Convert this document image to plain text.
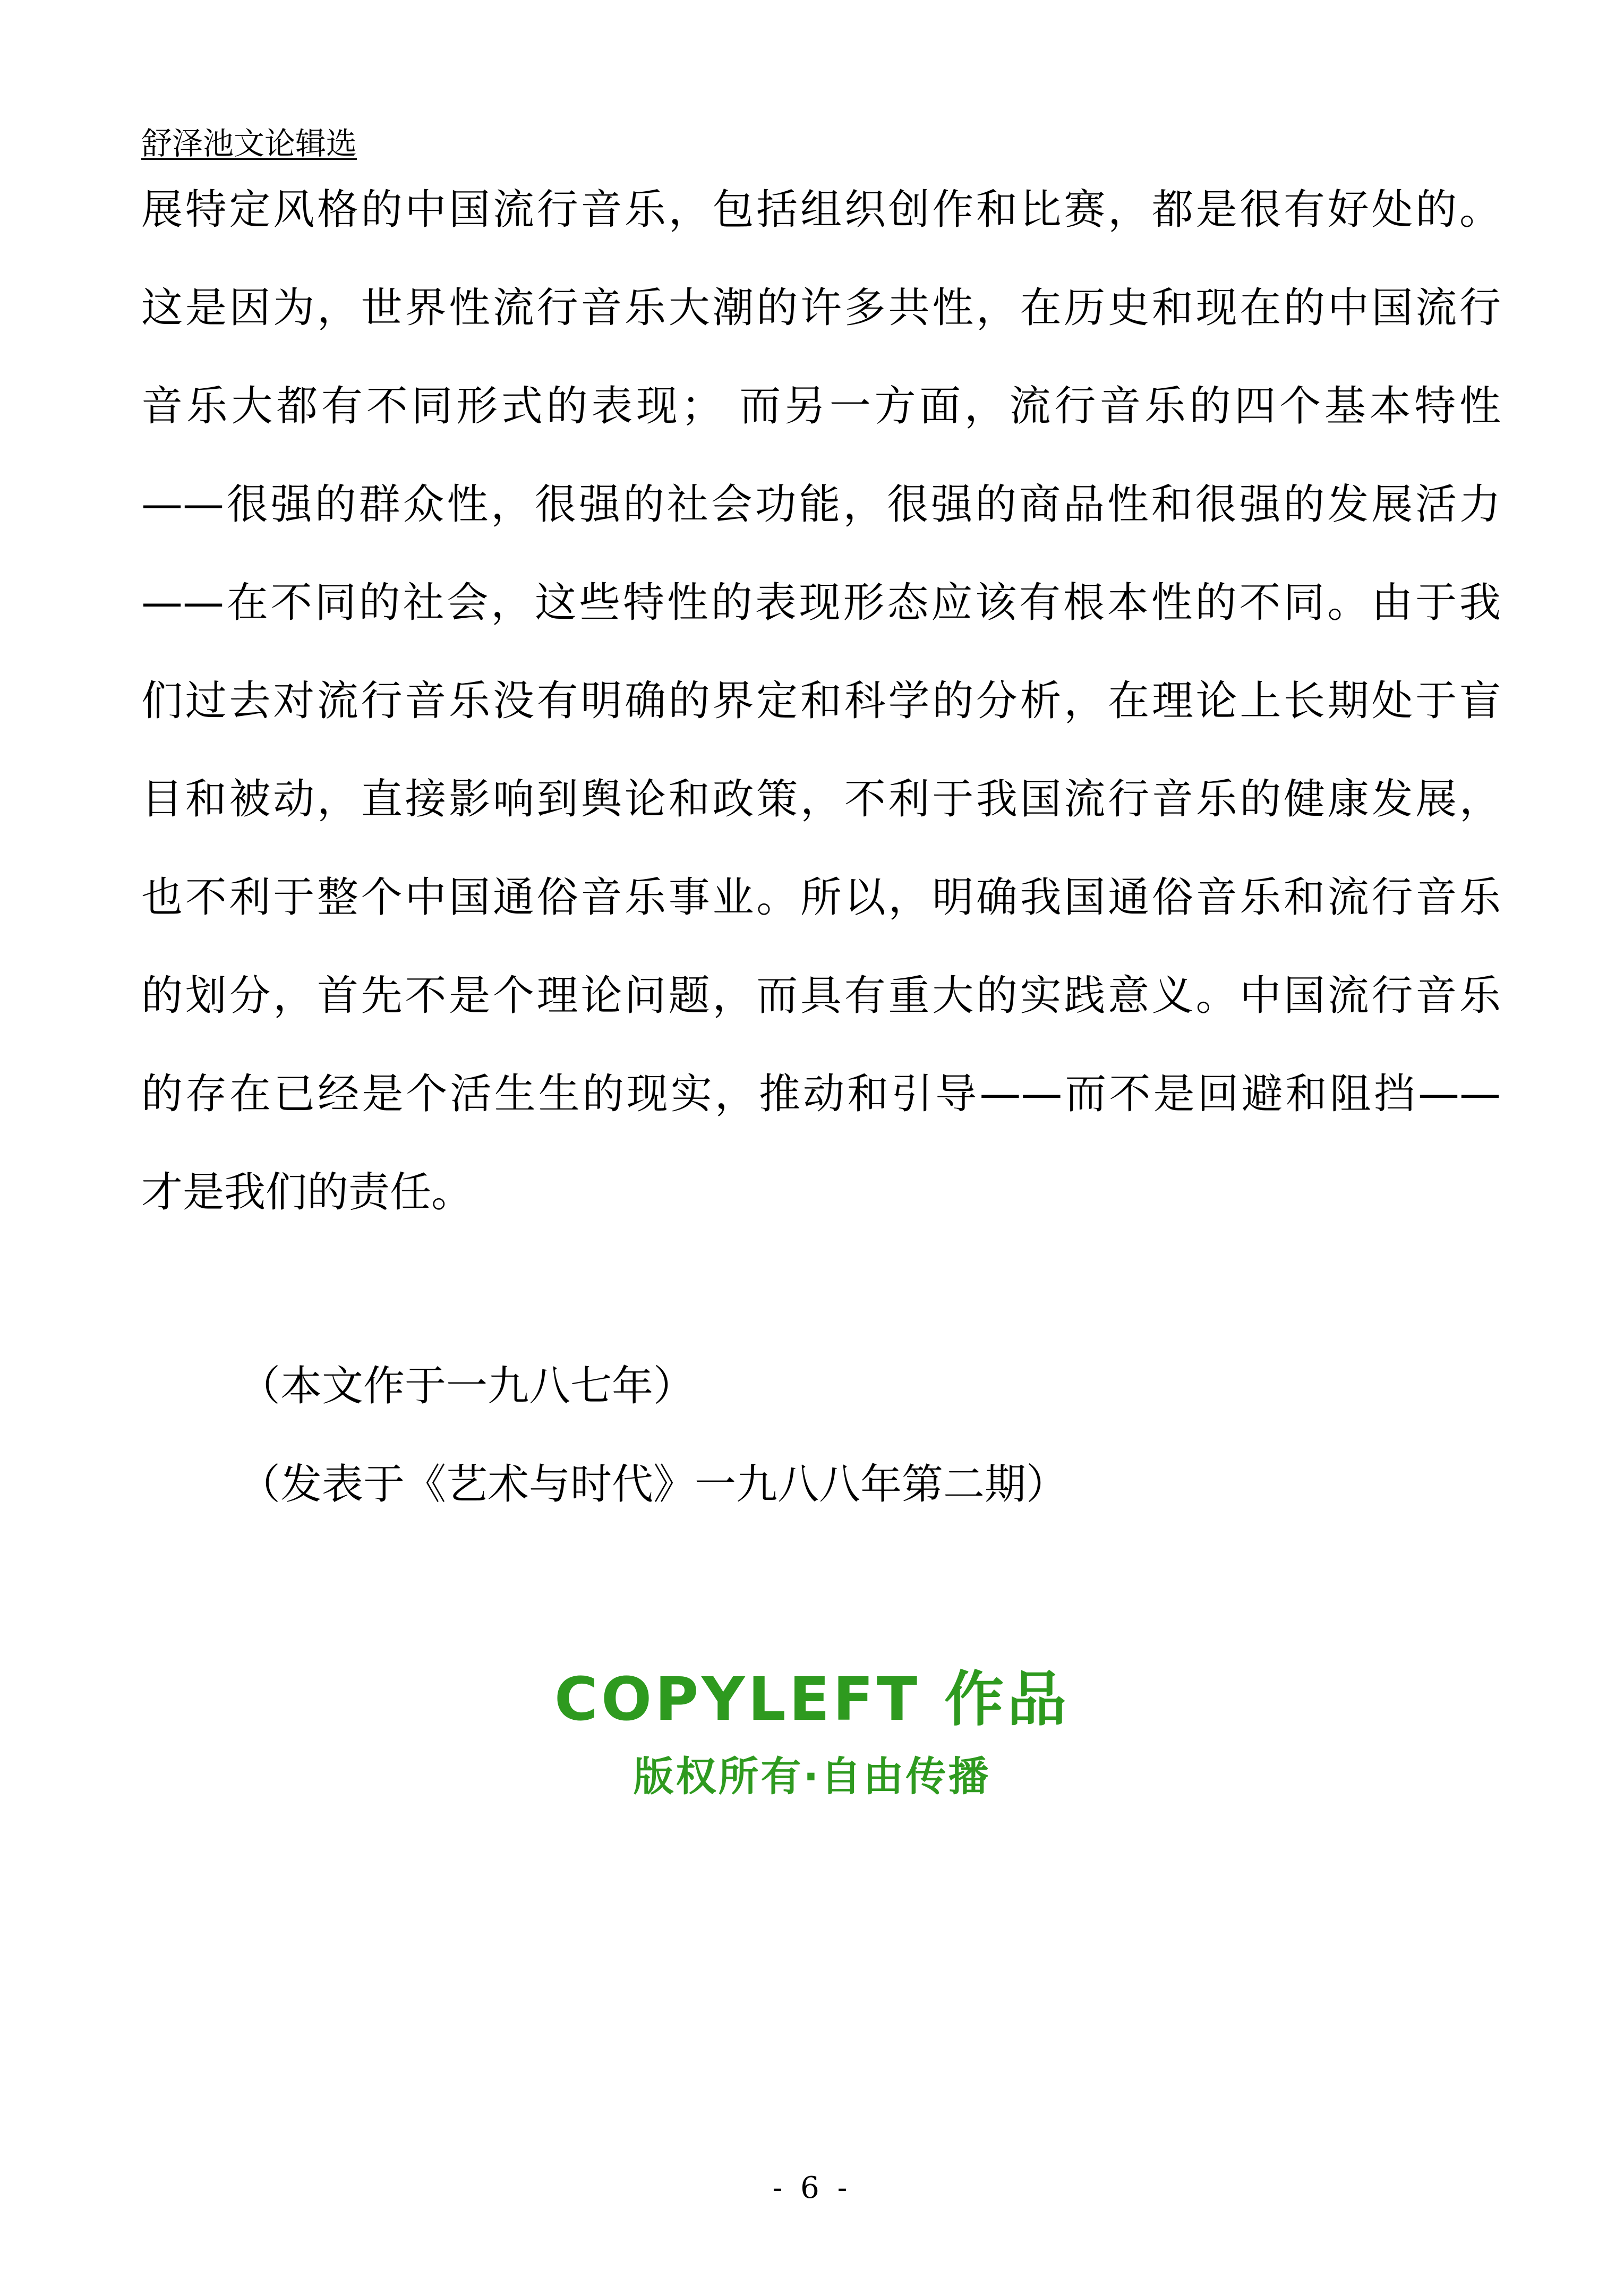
舒泽池文论辑选
展特定风格的中国流行音乐，包括组织创作和比赛，都是很有好处的。
这是因为，世界性流行音乐大潮的许多共性，在历史和现在的中国流行
音乐大都有不同形式的表现； 而另一方面，流行音乐的四个基本特性
——很强的群众性，很强的社会功能，很强的商品性和很强的发展活力
——在不同的社会，这些特性的表现形态应该有根本性的不同。由于我
们过去对流行音乐没有明确的界定和科学的分析，在理论上长期处于盲
目和被动，直接影响到舆论和政策，不利于我国流行音乐的健康发展，
也不利于整个中国通俗音乐事业。所以，明确我国通俗音乐和流行音乐
的划分，首先不是个理论问题，而具有重大的实践意义。中国流行音乐
的存在已经是个活生生的现实，推动和引导——而不是回避和阻挡——
才是我们的责任。
（本文作于一九八七年）
（发表于《艺术与时代》一九八八年第二期）
COPYLEFT 作品
版权所有·自由传播
- 6 -
